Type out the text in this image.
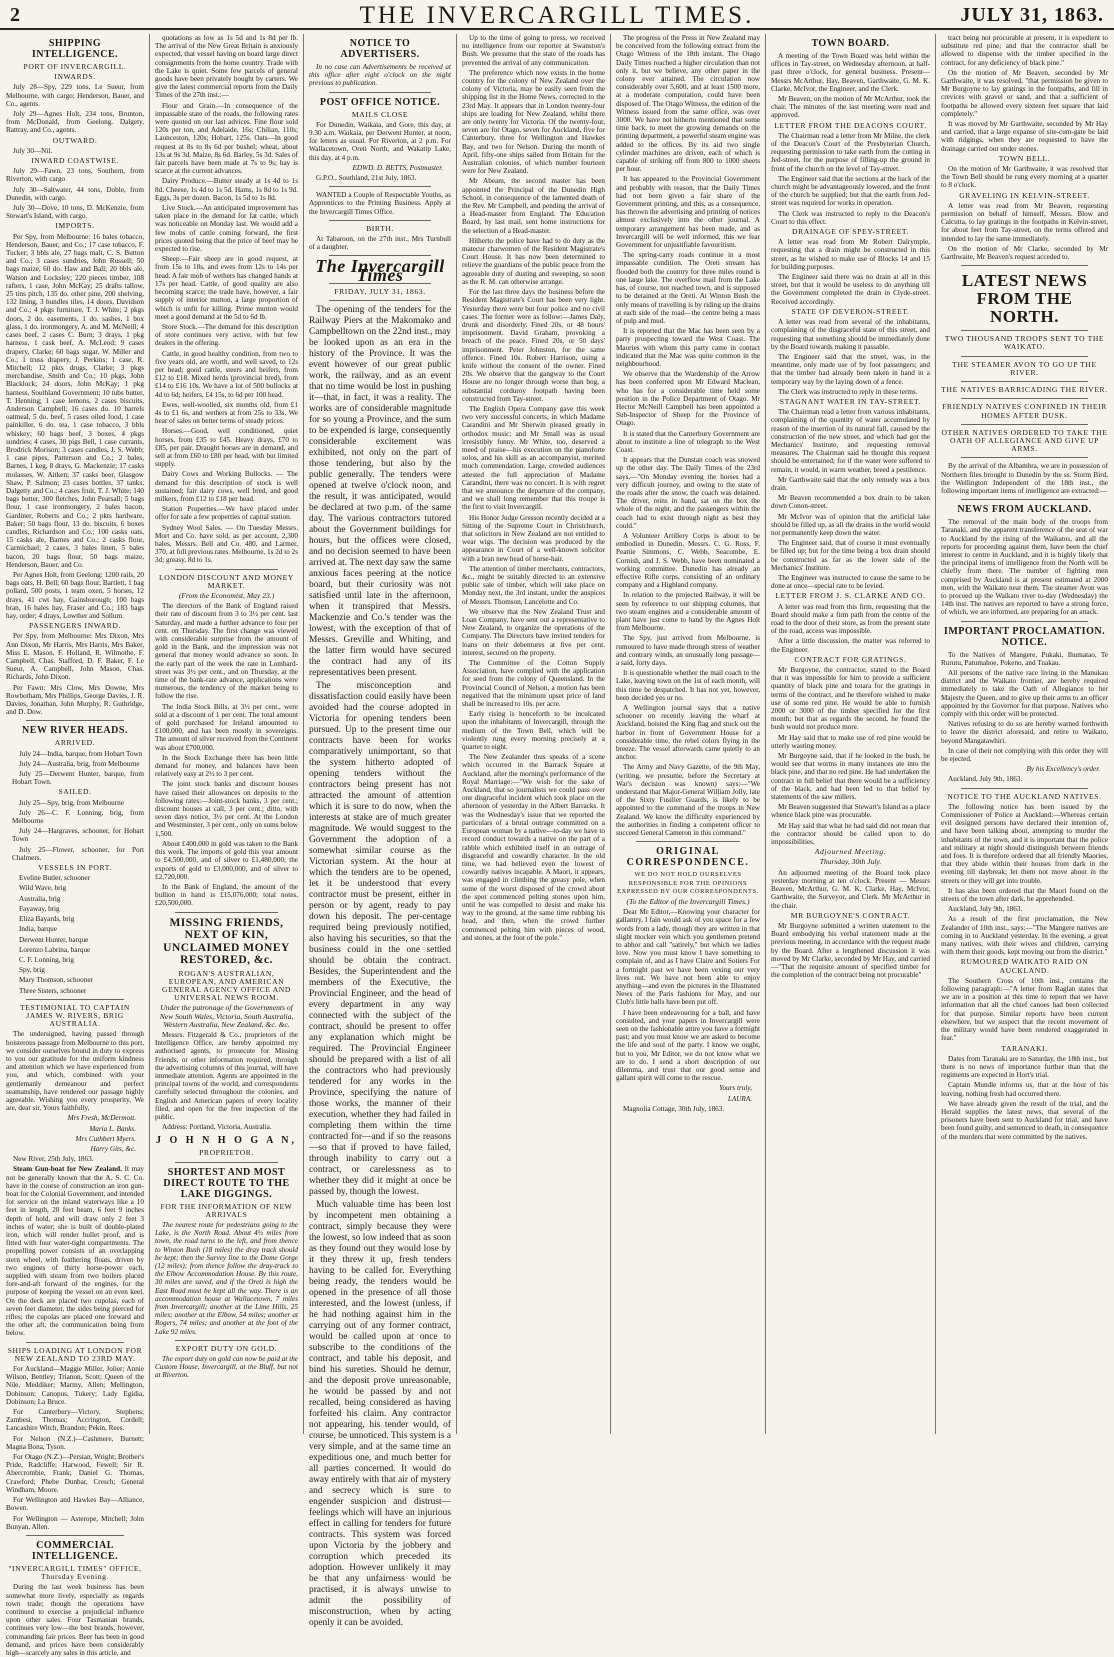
2	THE INVERCARGILL TIMES.	JULY 31, 1863.
SHIPPING INTELLIGENCE.
PORT OF INVERCARGILL.
INWARDS.

July 28—Spy, 229 tons, Le Sueur, from Melbourne, with cargo; Henderson, Bauer, and Co., agents.

July 29—Agnes Holt, 234 tons, Brunton, from McDonald, from Geelong. Dalgety, Rattray, and Co., agents.

OUTWARD.

July 30—Nil.

INWARD COASTWISE.

July 29—Fawn, 23 tons, Southern, from Riverton, with cargo

July 30—Saltwater, 44 tons, Doble, from Dunedin, with cargo.

July 30—Dove, 10 tons, D. McKenzie, from Stewart's Island, with cargo.

IMPORTS.

Per Spy, from Melbourne: 16 bales tobacco, Henderson, Bauer, and Co.; 17 case tobacco, F. Tucker; 3 bbls ale, 27 bags malt, C. S. Button and Co.; 3 cases sundries, John Russell; 50 bags maize, 60 do. Haw and Ball; 20 bbls ale, Watson and Locksley; 220 pieces timber, 108 rafters, 1 case, John McKay; 25 drafts tallow, 25 tins pitch, 135 do. other pine, 200 shelving, 132 lining, 3 bundles tiles, 14 doors, Davidson and Co.; 4 pkgs furniture, T. J. White; 2 pkgs doors, 2 do. easements, 1 do. sashes, 1 box glass, 1 do. ironmongery, A. and M. McNeill; 4 cases beef, 2 cases C. Burn; 3 drays, 1 pkg harness, 1 cask beef, A. McLeod; 9 cases drapery, Clarke; 60 bags sugar, W. Miller and Co.; 1 truss drapery, J. Perkins; 1 case, R. Mitchell; 12 pkts drugs, Clarke; 3 pkgs merchandise, Smith and Co.; 10 pkgs, John Blacklock; 24 doors, John McKay; 1 pkg harness, Southland Government; 10 tubs butter, T. Henning; 1 case lemons, 2 cases biscuits, Anderson Campbell; 16 cases do. 10 barrels oatmeal, 5 do. beef, 5 cases oiled food, 1 case painkiller, 6 do. tea, 1 case tobacco, 3 bbls whiskey; 60 bags beef, 3 boxes, 4 pkgs sundries; 4 cases, 30 pigs Bell, 1 case currants, Brodrick Morison; 3 cases candles, J. S. Webb; 1 case pipes, Patterson and Co.; 2 bales, Barnes, 1 keg, 8 drays, G. Mackenzie; 17 casks molasses, W. Aitken; 37 casks beer, Glasgow Shaw, P. Salmon; 23 cases bottles, 37 tanks, Dalgetty and Co.; 4 cases fruit, T. J. White; 140 bags butter, 300 fletches, John Pearsall; 5 bags flour, 1 case ironmongery, 2 bales bacon, Gardiner, Roberts and Co.; 2 pkts hardware, Baker; 50 bags flour, 13 do. biscuits, 6 boxes candles, Richardson and Co.; 100 casks oats, 15 casks ale, Barnes and Co.; 2 casks flour, Carmichael; 2 cases, 3 bales linen, 5 bales bacon, 20 bags flour, 50 bags maize, Henderson, Bauer, and Co.

Per Agnes Holt, from Geelong: 1200 rails, 20 bags oats, H. Bell; 60 bags flour, Bartlett, 1 bag pollard, 500 posts, 1 team oxen, 5 horses, 12 drays, 41 cwt hay, Gainsborough; 100 bags bran, 16 bales hay, Fraser and Co.; 183 bags hay, order; 4 drays, Lowther and Sollum.

PASSENGERS INWARD.

Per Spy, from Melbourne: Mrs Dixon, Mrs Ann Dixon, Mr Harris, Mrs Harris, Mrs Baker, Miss E. Mason, F. Holland, R. Wilmothe, F. Campbell, Chas. Stafford, D. F. Baker, F. Le Sueur, A. Campbell, John Mason, Chas. Richards, John Dixon.

Per Fawn: Mrs Clow, Mrs Downe, Mrs Rowbotham, Mrs Phillips, George Davies, J. R. Davies, Jonathan, John Murphy, R. Guthridge, and D. Dow.

NEW RIVER HEADS.
ARRIVED.

July 24—India, barque, from Hobart Town

July 24—Australia, brig, from Melbourne

July 25—Derwent Hunter, barque, from Hobart Town.

SAILED.

July 25—Spy, brig, from Melbourne

July 26—C. F. Lonning, brig, from Melbourne

July 24—Hargraves, schooner, for Hobart Town

July 25—Flower, schooner, for Port Chalmers.

VESSELS IN PORT.

Eveline Butler, schooner

Wild Wave, brig

Australia, brig

Fayaway, brig

Eliza Bayards, brig

India, barque

Derwent Hunter, barque

Lorenzo Labrina, barque

C. F. Lonning, brig

Spy, brig

Mary Thomson, schooner

Three Sisters, schooner

TESTIMONIAL TO CAPTAIN JAMES W. RIVERS, BRIG AUSTRALIA.

The undersigned, having passed through boisterous passage from Melbourne to this port, we consider ourselves bound in duty to express to you our gratitude for the uniform kindness and attention which we have experienced from you, and which, combined with your gentlemanly demeanour and perfect seamanship, have rendered our passage highly agreeable. Wishing you every prosperity, We are, dear sir, Yours faithfully,

Mrs Fresh, McDermott.
Maria L. Banks.
Mrs Cuthbert Myers.
Harry Gits, &c.

New River, 25th July, 1863.

Steam Gun-boat for New Zealand. It may not be generally known that the A. S. C. Co. have in the course of construction an iron gun-boat for the Colonial Government, and intended for service on the inland waterways like a 10 feet in length, 20 feet beam, 6 feet 9 inches depth of hold, and will draw only 2 feet 3 inches of water; she is built of double-plated iron, which will render bullet proof, and is fitted with four water-tight compartments. The propelling power consists of an overlapping stern wheel, with feathering floats, driven by two engines of thirty horse-power each, supplied with steam from two boilers placed fore-and-aft forward of the engines, for the purpose of keeping the vessel on an even keel. On the deck are placed two cupolas, each of seven feet diameter, the sides being pierced for rifles; the cupolas are placed one forward and the other aft, the communication being from below.

SHIPS LOADING AT LONDON FOR NEW ZEALAND TO 23RD MAY.

For Auckland—Maggie Miller, Jolier; Annie Wilson, Bentley; Trianon, Scott; Queen of the Nile, Meddiker; Marmy, Allen; Mellington, Dobinson; Canopus, Tukery; Lady Egidia, Dobinson; La Bruce.

For Canterbury—Victory, Stephens; Zambesi, Thomas; Accrington, Cordell; Lancashire Witch, Brandon; Pekin, Rees.

For Nelson (N.Z.)—Cashmere, Burnett; Magna Bona, Tyson.

For Otago (N.Z.)—Persian, Wright; Brother's Pride, Radcliffe; Harwood, Fewell; Sir R. Abercrombie, Frank; Daniel G. Thomas, Crawford; Phebe Dunbar, Cresch; General Windham, Moore.

For Wellington and Hawkes Bay—Alliance, Bowen.

For Wellington — Asterope, Mitchell; John Bunyan, Allen.

COMMERCIAL INTELLIGENCE.
"INVERCARGILL TIMES" OFFICE, Thursday Evening.

During the last week business has been somewhat more lively, especially as regards town trade; though the operations have continued to exercise a prejudicial influence upon other sales. Four Tasmanian brands, continues very low—the best brands, however, commanding fair prices. Beer has been in good demand, and prices have been considerably high—scarcely any sales in this article, and

quotations as low as 1s 5d and 1s 8d per lb. The arrival of the New Great Britain is anxiously expected, that vessel having on board large direct consignments from the home country. Trade with the Lake is quiet. Some few parcels of general goods have been privately bought by carters. We give the latest commercial reports from the Daily Times of the 27th inst.:—

Flour and Grain.—In consequence of the impassable state of the roads, the following rates were quoted on our last advices. Fine flour sold 120s per ton, and Adelaide, 16s; Chilian, 110s; Launceston, 120s; Hobart, 125s. Oats—In good request at 8s to 8s 6d per bushel; wheat, about 13s at 9s 3d. Maize, 8s 6d. Barley, 5s 3d. Sales of fair parcels have been made at 7s to 9s; hay is scarce at the current advances.

Dairy Produce.—Butter steady at 1s 4d to 1s 8d. Cheese, 1s 4d to 1s 5d. Hams, 1s 8d to 1s 9d. Eggs, 3s per dozen. Bacon, 1s 5d to 1s 8d.

Live Stock.—An anticipated improvement has taken place in the demand for fat cattle, which was noticeable on Monday last. We would add a few mobs of cattle coming forward, the first prices quoted being that the price of beef may be expected to rise.

Sheep.—Fair sheep are in good request, at from 15s to 18s, and ewes from 12s to 14s per head. A fair mob of wethers has changed hands at 17s per head. Cattle, of good quality are also becoming scarce; the trade have, however, a fair supply of interior mutton, a large proportion of which is unfit for killing. Prime mutton would meet a good demand at the 5d to 6d lb.

Store Stock.—The demand for this description of store continues very active, with but few dealers in the offering.

Cattle, in good healthy condition, from two to five years old, are worth, and well saved, to 12s per head; good cattle, steers and heifers, from £12 to £18. Mixed herds (provincial bred), from £14 to £16 10s. We have a lot of 500 bullocks at 4d to 6d; heifers, £4 15s, to 6d per 100 head.

Ewes, well-woolled, six months old, from £1 4s to £1 6s, and wethers at from 25s to 33s. We hear of sales on better terms of steady prices.

Horses.—Good, well conditioned, quiet horses, from £35 to £45. Heavy drays, £70 to £85, per pair. Draught horses are in demand, and sell at from £60 to £80 per head, with but limited supply.

Dairy Cows and Working Bullocks. — The demand for this description of stock is well sustained; fair dairy cows, well bred, and good milkers, from £12 to £18 per head.

Station Properties.—We have placed under offer for sale a few properties of capital station.

Sydney Wool Sales. — On Tuesday Messrs. Mort and Co. have sold, as per account, 2,300 bales, Messrs. Bell and Co. 480, and Larmer, 370, at full previous rates. Melbourne, 1s 2d to 2s 3d; greasy, 8d to 1s.

LONDON DISCOUNT AND MONEY MARKET.
(From the Economist, May 23.)

The directors of the Bank of England raised their rate of discount from 3 to 3½ per cent. last Saturday, and made a further advance to four per cent. on Thursday. The first change was viewed with considerable surprise from the amount of gold in the Bank, and the impression was not general that money would advance so soon. In the early part of the week the rate in Lombard-street was 3½ per cent., and on Thursday, at the time of the bank-rate advance, applications were numerous, the tendency of the market being to follow the rise.

The India Stock Bills, at 3½ per cent., were sold at a discount of 1 per cent. The total amount of gold purchased for Ireland amounted to £100,000, and has been mostly in sovereigns. The amount of silver received from the Continent was about £700,000.

In the Stock Exchange there has been little demand for money, and balances have been relatively easy at 2½ to 3 per cent.

The joint stock banks and discount houses have raised their allowances on deposits to the following rates:—Joint-stock banks, 3 per cent.; discount houses at call, 3 per cent.; ditto, with seven days notice, 3½ per cent. At the London and Westminster, 3 per cent., only on sums below 1,500.

About £400,000 in gold was taken to the Bank this week. The imports of gold this year amount to £4,500,000, and of silver to £1,480,000; the exports of gold to £3,000,000, and of silver to £2,720,000.

In the Bank of England, the amount of the bullion in hand is £15,076,000; total notes, £20,500,000.

MISSING FRIENDS, NEXT OF KIN, UNCLAIMED MONEY RESTORED, &c.
ROGAN'S AUSTRALIAN, EUROPEAN, AND AMERICAN GENERAL AGENCY OFFICE AND UNIVERSAL NEWS ROOM.
Under the patronage of the Governments of New South Wales, Victoria, South Australia, Western Australia, New Zealand, &c. &c.

Messrs. Fitzgerald & Co., proprietors of the Intelligence Office, are hereby appointed my authorised agents, to prosecute for Missing Friends, or other information required, through the advertising columns of this journal, will have immediate attention. Agents are appointed in the principal towns of the world, and correspondents carefully selected throughout the colonies, and English and American papers of every locality filed, and open for the free inspection of the public.

Address: Portland, Victoria, Australia.

J O H N H O G A N,
PROPRIETOR.
SHORTEST AND MOST DIRECT ROUTE TO THE LAKE DIGGINGS.
FOR THE INFORMATION OF NEW ARRIVALS

The nearest route for pedestrians going to the Lake, is the North Road. About 4½ miles from town, the road turns to the left, and from thence to Winton Bush (18 miles) the dray track should be kept; then the Survey line to the Dome Gorge (12 miles); from thence follow the dray-track to the Elbow Accommodation House. By this route, 30 miles are saved, and if the Oreti is high the East Road must be kept all the way. There is an accommodation house at Wallacetown, 7 miles from Invercargill; another at the Lime Hills, 25 miles; another at the Elbow, 54 miles; another at Rogers, 74 miles; and another at the foot of the Lake 92 miles.

EXPORT DUTY ON GOLD.

The export duty on gold can now be paid at the Custom House, Invercargill, at the Bluff, but not at Riverton.

NOTICE TO ADVERTISERS.

In no case can Advertisements be received at this office after eight o'clock on the night previous to publication.

POST OFFICE NOTICE.
MAILS CLOSE

For Dunedin, Waikaia, and Gore, this day, at 9.30 a.m. Waikaia, per Derwent Hunter, at noon, for letters as usual. For Riverton, at 2 p.m. For Wallacetown, Oreti North, and Wakatip Lake, this day, at 4 p.m.

EDWD. D. BETTS, Postmaster.

G.P.O., Southland, 21st July, 1863.

WANTED a Couple of Respectable Youths, as Apprentices to the Printing Business. Apply at the Invercargill Times Office.

BIRTH.

At Tabaroon, on the 27th inst., Mrs Turnbull of a daughter.

The Invercargill Times
FRIDAY, JULY 31, 1863.

The opening of the tenders for the Railway Piers at the Makomako and Campbelltown on the 22nd inst., may be looked upon as an era in the history of the Province. It was the event however of our great public work, the railway, and as an event that no time would be lost in pushing it—that, in fact, it was a reality. The works are of considerable magnitude for so young a Province, and the sum to be expended is large, consequently considerable excitement was exhibited, not only on the part of those tendering, but also by the public generally. The tenders were opened at twelve o'clock noon, and the result, it was anticipated, would be declared at two p.m. of the same day. The various contractors tutored about the Government buildings for hours, but the offices were closed, and no decision seemed to have been arrived at. The next day saw the same anxious faces peering at the notice board, but their curiosity was not satisfied until late in the afternoon, when it transpired that Messrs. Mackenzie and Co.'s tender was the lowest, with the exception of that of Messrs. Greville and Whiting, and the latter firm would have secured the contract had any of its representatives been present.

The misconception and dissatisfaction could easily have been avoided had the course adopted in Victoria for opening tenders been pursued. Up to the present time our contracts have been for works comparatively unimportant, so that the system hitherto adopted of opening tenders without the contractors being present has not attracted the amount of attention which it is sure to do now, when the interests at stake are of much greater magnitude. We would suggest to the Government the adoption of a somewhat similar course as the Victorian system. At the hour at which the tenders are to be opened, let it be understood that every contractor must be present, either in person or by agent, ready to pay down his deposit. The per-centage required being previously notified, also having his securities, so that the business could in the one settled should be obtain the contract. Besides, the Superintendent and the members of the Executive, the Provincial Engineer, and the head of every department in any way connected with the subject of the contract, should be present to offer any explanation which might be required. The Provincial Engineer should be prepared with a list of all the contractors who had previously tendered for any works in the Province, specifying the nature of those works, the manner of their execution, whether they had failed in completing them within the time contracted for—and if so the reasons—so that if proved to have failed, through inability to carry out a contract, or carelessness as to whether they did it might at once be passed by, though the lowest.

Much valuable time has been lost by incompetent men obtaining a contract, simply because they were the lowest, so low indeed that as soon as they found out they would lose by it they threw it up, fresh tenders having to be called for. Everything being ready, the tenders would be opened in the presence of all those interested, and the lowest (unless, if he had nothing against him in the carrying out of any former contract, would be called upon at once to subscribe to the conditions of the contract, and table his deposit, and bind his sureties. Should he demur, and the deposit prove unreasonable, he would be passed by and not recalled, being considered as having forfeited his claim. Any contractor not appearing, his tender would, of course, be unnoticed. This system is a very simple, and at the same time an expeditious one, and much better for all parties concerned. It would do away entirely with that air of mystery and secrecy which is sure to engender suspicion and distrust—feelings which will have an injurious effect in calling for tenders for future contracts. This system was forced upon Victoria by the jobbery and corruption which preceded its adoption. However unlikely it may be that any unfairness would be practised, it is always unwise to admit the possibility of misconstruction, when by acting openly it can be avoided.

Up to the time of going to press, we received no intelligence from our reporter at Swanston's Bush. We presume that the state of the roads has prevented the arrival of any communication.

The preference which now exists in the home country for the colony of New Zealand over the colony of Victoria, may be easily seen from the shipping list in the Home News, corrected to the 23rd May. It appears that in London twenty-four ships are loading for New Zealand, whilst there are only twenty for Victoria. Of the twenty-four, seven are for Otago, seven for Auckland, five for Canterbury, three for Wellington and Hawkes Bay, and two for Nelson. During the month of April, fifty-one ships sailed from Britain for the Australian colonies, of which number fourteen were for New Zealand.

Mr Abeam, the second master has been appointed the Principal of the Dunedin High School, in consequence of the lamented death of the Rev. Mr Campbell, and pending the arrival of a Head-master from England. The Education Board, by last mail, sent home instructions for the selection of a Head-master.

Hitherto the police have had to do duty as the matecur charwomen of the Resident Magistrate's Court House. It has now been determined to relieve the guardians of the public peace from the agreeable duty of dusting and sweeping, so soon as the R. M. can otherwise arrange.

For the last three days the business before the Resident Magistrate's Court has been very light. Yesterday there were but four police and no civil cases. The former were as follow:—James Daly, drunk and disorderly. Fined 20s, or 48 hours' imprisonment. David Graham, provoking a breach of the peace. Fined 20s, or 50 days' imprisonment. Peter Johnston, for the same offence. Fined 10s. Robert Harrison, using a knife without the consent of the owner. Fined 20s. We observe that the gangway to the Court House are no longer through worse than bog, a substantial corduroy footpath having been constructed from Tay-street.

The English Opera Company gave this week two very successful concerts, in which Madame Carandini and Mr Sherwin pleased greatly in orthodox music; and Mr Small was as usual irresistibly funny. Mr White, too, deserved a meed of praise—his execution on the pianoforte solos, and his skill as an accompanyist, merited much commendation. Large, crowded audiences attested the full appreciation of Madame Carandini, there was no concert. It is with regret that we announce the departure of the company, and we shall long remember that this troupe is the first to visit Invercargill.

His Honor Judge Gresson recently decided at a Sitting of the Supreme Court in Christchurch, that solicitors in New Zealand are not entitled to wear wigs. The decision was produced by the appearance in Court of a well-known solicitor with a bran new head of horse-hair.

The attention of timber merchants, contractors, &c., might be suitably directed to an extensive public sale of timber, which will take place on Monday next, the 3rd instant, under the auspices of Messrs. Thomson, Lancelotte and Co.

We observe that the New Zealand Trust and Loan Company, have sent out a representative to New Zealand, to organize the operations of the Company. The Directors have invited tenders for loans on their debentures at five per cent. interest, secured on the property.

The Committee of the Cotton Supply Association, have complied with the application for seed from the colony of Queensland. In the Provincial Council of Nelson, a motion has been negatived that the minimum upset price of land shall be increased to 10s. per acre.

Early rising is henceforth to be inculcated upon the inhabitants of Invercargill, through the medium of the Town Bell, which will be violently rung every morning precisely at a quarter to eight.

The New Zealander thus speaks of a scene which occurred in the Barrack Square at Auckland, after the morning's performance of the Royal Marriage:—"We wish for the sake of Auckland, that so journalists we could pass over one disgraceful incident which took place on the afternoon of yesterday in the Albert Barracks. It was the Wednesday's issue that we reported the particulars of a brutal outrage committed on a European woman by a native—to-day we have to record conduct towards a native on the part of a rabble which exhibited itself in an outrage of disgraceful and cowardly character. In the old time, we had believed even the lowest of cowardly natives incapable. A Maori, it appears, was engaged in climbing the greasy pole, when some of the worst disposed of the crowd about the spot commenced pelting stones upon him, until he was compelled to desist and make his way to the ground, at the same time rubbing his head, and then, when the crowd further commenced pelting him with pieces of wood, and stones, at the foot of the pole."

The progress of the Press in New Zealand may be conceived from the following extract from the Otago Witness of the 18th instant. The Otago Daily Times reached a higher circulation than not only it, but we believe, any other paper in the colony ever attained. The circulation now considerably over 5,600, and at least 1500 more, at a moderate computation, could have been disposed of. The Otago Witness, the edition of the Witness issued from the same office, was over 3000. We have not hitherto mentioned that some time back, to meet the growing demands on the printing department, a powerful steam engine was added to the offices. By its aid two single cylinder machines are driven, each of which is capable of striking off from 800 to 1000 sheets per hour.

It has appeared to the Provincial Government and probably with reason, that the Daily Times had not been given a fair share of the Government printing, and this, as a consequence, has thrown the advertising and printing of notices almost exclusively into the other journal. A temporary arrangement has been made, and as Invercargill will be well informed, this we fear Government for unjustifiable favouritism.

The spring-carry roads continue in a most impassable condition. The Oreti stream has flooded both the country for three miles round is one large lake. The overflow mail from the Lake has, of course, not reached town, and is supposed to be detained at the Oreti. At Winton Bush the only means of travelling is by riding up the drains at each side of the road—the centre being a mass of pulp and mud.

It is reported that the Mac has been seen by a party prospecting toward the West Coast. The Maories with whom this party came in contact indicated that the Mac was quite common in the neighbourhood.

We observe that the Wardenship of the Arrow has been conferred upon Mr Edward Maclean, who has for a considerable time held some position in the Police Department of Otago. Mr Hector McNeill Campbell has been appointed a Sub-Inspector of Sheep for the Province of Otago.

It is stated that the Canterbury Government are about to institute a line of telegraph to the West Coast.

It appears that the Dunstan coach was snowed up the other day. The Daily Times of the 23rd says,—"On Monday evening the horses had a very difficult journey, and owing to the state of the roads after the snow, the coach was detained. The driver, reins in hand, sat on the box the whole of the night, and the passengers within the coach had to exist through night as best they could."

A Volunteer Artillery Corps is about to be embodied in Dunedin. Messrs. C. G. Ross, F. Peattie Simmons, C. Webb, Seacombe, E. Cornish, and J. S. Webb, have been nominated a working committee. Dunedin has already an effective Rifle corps, consisting of an ordinary company and a Highland company.

In relation to the projected Railway, it will be seen by reference to our shipping columns, that two steam engines and a considerable amount of plant have just come to hand by the Agnes Holt from Melbourne.

The Spy, just arrived from Melbourne, is rumoured to have made through stress of weather and contrary winds, an unusually long passage—a said, forty days.

It is questionable whether the mail coach to the Lake, leaving town on the 1st of each month, will this time be despatched. It has not yet, however, been decided yes or no.

A Wellington journal says that a native schooner on recently leaving the wharf at Auckland, hoisted the King flag and stuck out the harbor in front of Government House for a considerable time, the rebel colors flying in the breeze. The vessel afterwards came quietly to an anchor.

The Army and Navy Gazette, of the 9th May, (writing, we presume, before the Secretary at War's decision was known) says:—"We understand that Major-General William Jolly, late of the Sixty Fusilier Guards, is likely to be appointed to the command of the troops in New Zealand. We know the difficulty experienced by the authorities in finding a competent officer to succeed General Cameron in this command."

ORIGINAL CORRESPONDENCE.
WE DO NOT HOLD OURSELVES RESPONSIBLE FOR THE OPINIONS EXPRESSED BY OUR CORRESPONDENTS.
(To the Editor of the Invercargill Times.)

Dear Mr Editor,—Knowing your character for gallantry, I fain would ask of you space for a few words from a lady, though they are written in that slight mocker vein which you gentlemen pretend to abhor and call "satirely," but which we ladies love. Now you must know I have something to complain of, and as I have Claire and Sotiers For a fortnight past we have been vexing our very lives out. We have not been able to enjoy anything—and even the pictures in the Illustrated News of the Paris fashions for May, and our Club's little balls have been put off.

I have been endeavouring for a ball, and have consulted, and your papers in Invercargill were seen on the fashionable attire you have a fortnight past; and you must know we are asked to become the life and soul of the party. I know we ought, but to you, Mr Editor, we do not know what we are to do. I send a short description of our dilemma, and trust that our good sense and gallant spirit will come to the rescue.

Yours truly,
LAURA.

Magnolia Cottage, 30th July, 1863.

TOWN BOARD.

A meeting of the Town Board was held within the offices in Tay-street, on Wednesday afternoon, at half-past three o'clock, for general business. Present—Messrs McArthur, Hay, Beaven, Garthwaite, G. M. K. Clarke, McIvor, the Engineer, and the Clerk.

Mr Beaven, on the motion of Mr McArthur, took the chair. The minutes of the last meeting were read and approved.

LETTER FROM THE DEACONS COURT.

The Chairman read a letter from Mr Milne, the clerk of the Deacon's Court of the Presbyterian Church, requesting permission to take earth from the cutting in Jed-street, for the purpose of filling-up the ground in front of the church on the level of Tay-street.

The Engineer said that the sections at the back of the church might be advantageously lowered, and the front of the church be supplied; but that the earth from Jed-street was required for works in operation.

The Clerk was instructed to reply to the Deacon's Court to this effect.

DRAINAGE OF SPEY-STREET.

A letter was read from Mr Robert Dalrymple, requesting that a drain might be constructed in this street, as he wished to make use of Blocks 14 and 15 for building purposes.

The Engineer said there was no drain at all in this street, but that it would be useless to do anything till the Government completed the drain in Clyde-street. Received accordingly.

STATE OF DEVERON-STREET.

A letter was read from several of the inhabitants, complaining of the disgraceful state of this street, and requesting that something should be immediately done by the Board towards making it passable.

The Engineer said that the street, was, in the meantime, only made use of by foot passengers; and that the timber had already been taken in hand in a temporary way by the laying down of a fence.

The Clerk was instructed to reply in these terms.

STAGNANT WATER IN TAY-STREET.

The Chairman read a letter from various inhabitants, complaining of the quantity of water accumulated by reason of the insertion of its natural fall, caused by the construction of the new street, and which had got the Mechanics' Institute, and requesting removal measures. The Chairman said he thought this request should be entertained; for if the water were suffered to remain, it would, in warm weather, breed a pestilence.

Mr Garthwaite said that the only remedy was a box drain.

Mr Beaven recommended a box drain to be taken down Conon-street.

Mr McIvor was of opinion that the artificial lake should be filled up, as all the drains in the world would not permanently keep down the water.

The Engineer said, that of course it must eventually be filled up; but for the time being a box drain should be constructed as far as the lower side of the Mechanics' Institute.

The Engineer was instructed to cause the same to be done at once—special rate to be levied.

LETTER FROM J. S. CLARKE AND CO.

A letter was read from this firm, requesting that the Board should make a firm path from the centre of the road to the door of their store, as from the present state of the road, access was impossible.

After a little discussion, the matter was referred to the Engineer.

CONTRACT FOR GRATINGS.

Mr Burgoyne, the contractor, stated to the Board that it was impossible for him to provide a sufficient quantity of black pine and totara for the gratings in terms of the contract, and he therefore wished to make use of some red pine. He would be able to furnish 2000 or 3000 of the timber specified for the first month; but that as regards the second, he found the bush would not produce more.

Mr Hay said that to make use of red pine would be utterly wasting money.

Mr Burgoyne said, that if he looked in the bush, he would see that worms in many instances ate into the black pine, and that no red pine. He had undertaken the contract in full belief that there would be a sufficiency of the black, and had been led to that belief by statements of the saw millers.

Mr Beaven suggested that Stewart's Island as a place whence black pine was procurable.

Mr Hay said that what he had said did not mean that the contractor should be called upon to do impossibilities.

Adjourned Meeting.
Thursday, 30th July.

An adjourned meeting of the Board took place yesterday morning at ten o'clock. Present — Messrs Beaven, McArthur, G. M. K. Clarke, Hay, McIvor, Garthwaite, the Surveyor, and Clerk. Mr McArthur in the chair.

MR BURGOYNE'S CONTRACT.

Mr Burgoyne submitted a written statement to the Board embodying his verbal statement made at the previous meeting, in accordance with the request made by the Board. After a lengthened discussion it was moved by Mr Clarke, seconded by Mr Hay, and carried—"That the requisite amount of specified timber for the completion of the contract being not procurable"

tract being not procurable at present, it is expedient to substitute red pine; and that the contractor shall be allowed to dispense with the timber specified in the contract, for any deficiency of black pine."

On the motion of Mr Beaven, seconded by Mr Garthwaite, it was resolved, "that permission be given to Mr Burgoyne to lay gratings in the footpaths, and fill in crevices with gravel or sand, and that a sufficient of footpaths be allowed every sixteen feet square that laid completely."

It was moved by Mr Garthwaite, seconded by Mr Hay and carried, that a large expanse of site-cum-gate be laid with ridgings, when they are requested to have the drainage carried out under stones.

TOWN BELL.

On the motion of Mr Garthwaite, it was resolved that the Town Bell should be rung every morning at a quarter to 8 o'clock.

GRAVELING IN KELVIN-STREET.

A letter was read from Mr Beaven, requesting permission on behalf of himself, Messrs. Blow and Calcutta, to lay gratings in the footpaths in Kelvin-street, for about feet from Tay-street, on the terms offered and intended to lay the same immediately.

On the motion of Mr Clarke, seconded by Mr Garthwaite, Mr Beaven's request acceded to.

LATEST NEWS FROM THE NORTH.
TWO THOUSAND TROOPS SENT TO THE WAIKATO.
THE STEAMER AVON TO GO UP THE RIVER.
THE NATIVES BARRICADING THE RIVER.
FRIENDLY NATIVES CONFINED IN THEIR HOMES AFTER DUSK.
OTHER NATIVES ORDERED TO TAKE THE OATH OF ALLEGIANCE AND GIVE UP ARMS.

By the arrival of the Albambra, we are in possession of Northern files brought to Dunedin by the ss. Storm Bird, the Wellington Independent of the 18th inst., the following important items of intelligence are extracted:—

NEWS FROM AUCKLAND.

The removal of the main body of the troops from Taranaki, and the apparent transference of the seat of war to Auckland by the rising of the Waikatos, and all the reports for proceeding against them, have been the chief interest to centre in Auckland, and it is highly likely that the principal items of intelligence from the North will be chiefly from there. The number of fighting men comprised by Auckland is at present estimated at 2000 men, with the Waikato near them. The steamer Avon was to proceed up the Waikato river to-day (Wednesday) the 14th inst. The natives are reported to have a strong force, of which, we are informed, are preparing for an attack.

IMPORTANT PROCLAMATION. NOTICE.

To the Natives of Mangere, Pukaki, Ihumatao, Te Rurutu, Patumahoe, Pokeno, and Tuakau.

All persons of the native race living in the Manukau district and the Waikato frontier, are hereby required immediately to take the Oath of Allegiance to her Majesty the Queen, and to give up their arms to an officer appointed by the Governor for that purpose. Natives who comply with this order will be protected.

Natives refusing to do so are hereby warned forthwith to leave the district aforesaid, and retire to Waikato, beyond Mangatawhiri.

In case of their not complying with this order they will be ejected.

By his Excellency's order.

Auckland, July 9th, 1863.

NOTICE TO THE AUCKLAND NATIVES.

The following notice has been issued by the Commissioner of Police at Auckland:—Whereas certain evil designed persons have declared their intention of, and have been talking about, attempting to murder the inhabitants of the town, and it is important that the police and military at night should distinguish between friends and foes. It is therefore ordered that all friendly Maories, that they abide within their houses from dark in the evening till daybreak; let them not move about in the streets or they will get into trouble.

It has also been ordered that the Maori found on the streets of the town after dark, be apprehended.

Auckland, July 9th, 1863.

As a result of the first proclamation, the New Zealander of 10th inst., says:—"The Mangere natives are coming in to Auckland yesterday. In the evening, a great many natives, with their wives and children, carrying with them their goods, kept moving out from the district."

RUMOURED WAIKATO RAID ON AUCKLAND.

The Southern Cross of 10th inst., contains the following paragraph:—"A letter from Raglan states that we are in a position at this time to report that we have information that all the chief canoes had been collected for that purpose. Similar reports have been current elsewhere, but we suspect that the recent movement of the military would have been rendered exaggerated in fear."

TARANAKI.

Dates from Taranaki are to Saturday, the 18th inst., but there is no news of importance further than that the regiments are expected in Hort's trial.

Captain Mundle informs us, that at the hour of his leaving, nothing fresh had occurred there.

We have already given the result of the trial, and the Herald supplies the latest news, that several of the prisoners have been sent to Auckland for trial, and have been found guilty, and sentenced to death, in consequence of the murders that were committed by the natives.
